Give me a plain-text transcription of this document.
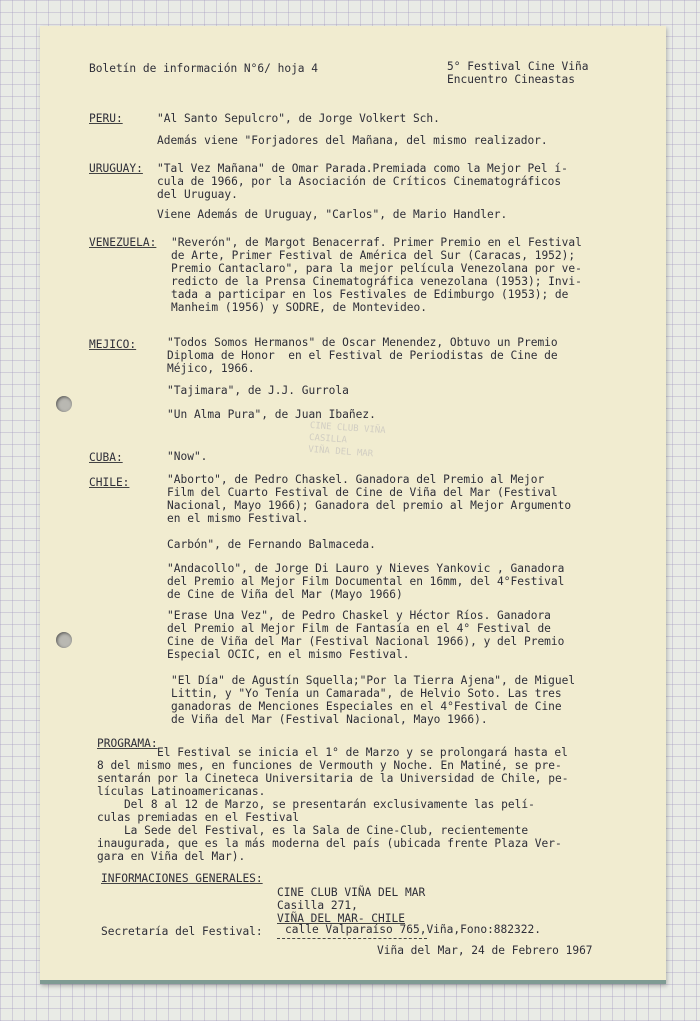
Boletín de información N°6/ hoja 4	5° Festival Cine Viña
Encuentro Cineastas
PERU:	"Al Santo Sepulcro", de Jorge Volkert Sch.
Además viene "Forjadores del Mañana, del mismo realizador.
URUGUAY: "Tal Vez Mañana" de Omar Parada.Premiada como la Mejor Pel í-
cula de 1966, por la Asociación de Críticos Cinematográficos
del Uruguay.
Viene Además de Uruguay, "Carlos", de Mario Handler.
VENEZUELA: "Reverón", de Margot Benacerraf. Primer Premio en el Festival
de Arte, Primer Festival de América del Sur (Caracas, 1952);
Premio Cantaclaro", para la mejor película Venezolana por ve-
redicto de la Prensa Cinematográfica venezolana (1953); Invi-
tada a participar en los Festivales de Edimburgo (1953); de
Manheim (1956) y SODRE, de Montevideo.
MEJICO:	"Todos Somos Hermanos" de Oscar Menendez, Obtuvo un Premio
Diploma de Honor  en el Festival de Periodistas de Cine de
Méjico, 1966.
"Tajimara", de J.J. Gurrola
"Un Alma Pura", de Juan Ibañez.
CINE CLUB VIÑA
CASILLA
VIÑA DEL MAR
CUBA:	"Now".
CHILE:	"Aborto", de Pedro Chaskel. Ganadora del Premio al Mejor
Film del Cuarto Festival de Cine de Viña del Mar (Festival
Nacional, Mayo 1966); Ganadora del premio al Mejor Argumento
en el mismo Festival.
Carbón", de Fernando Balmaceda.
"Andacollo", de Jorge Di Lauro y Nieves Yankovic , Ganadora
del Premio al Mejor Film Documental en 16mm, del 4°Festival
de Cine de Viña del Mar (Mayo 1966)
"Erase Una Vez", de Pedro Chaskel y Héctor Ríos. Ganadora
del Premio al Mejor Film de Fantasía en el 4° Festival de
Cine de Viña del Mar (Festival Nacional 1966), y del Premio
Especial OCIC, en el mismo Festival.
"El Día" de Agustín Squella;"Por la Tierra Ajena", de Miguel
Littin, y "Yo Tenía un Camarada", de Helvio Soto. Las tres
ganadoras de Menciones Especiales en el 4°Festival de Cine
de Viña del Mar (Festival Nacional, Mayo 1966).
PROGRAMA:
El Festival se inicia el 1° de Marzo y se prolongará hasta el
8 del mismo mes, en funciones de Vermouth y Noche. En Matiné, se pre-
sentarán por la Cineteca Universitaria de la Universidad de Chile, pe-
lículas Latinoamericanas.
Del 8 al 12 de Marzo, se presentarán exclusivamente las pelí-
culas premiadas en el Festival
La Sede del Festival, es la Sala de Cine-Club, recientemente
inaugurada, que es la más moderna del país (ubicada frente Plaza Ver-
gara en Viña del Mar).
INFORMACIONES GENERALES:
CINE CLUB VIÑA DEL MAR
Casilla 271,
VIÑA DEL MAR- CHILE
Secretaría del Festival: calle Valparaíso 765,Viña,Fono:882322.
Viña del Mar, 24 de Febrero 1967
